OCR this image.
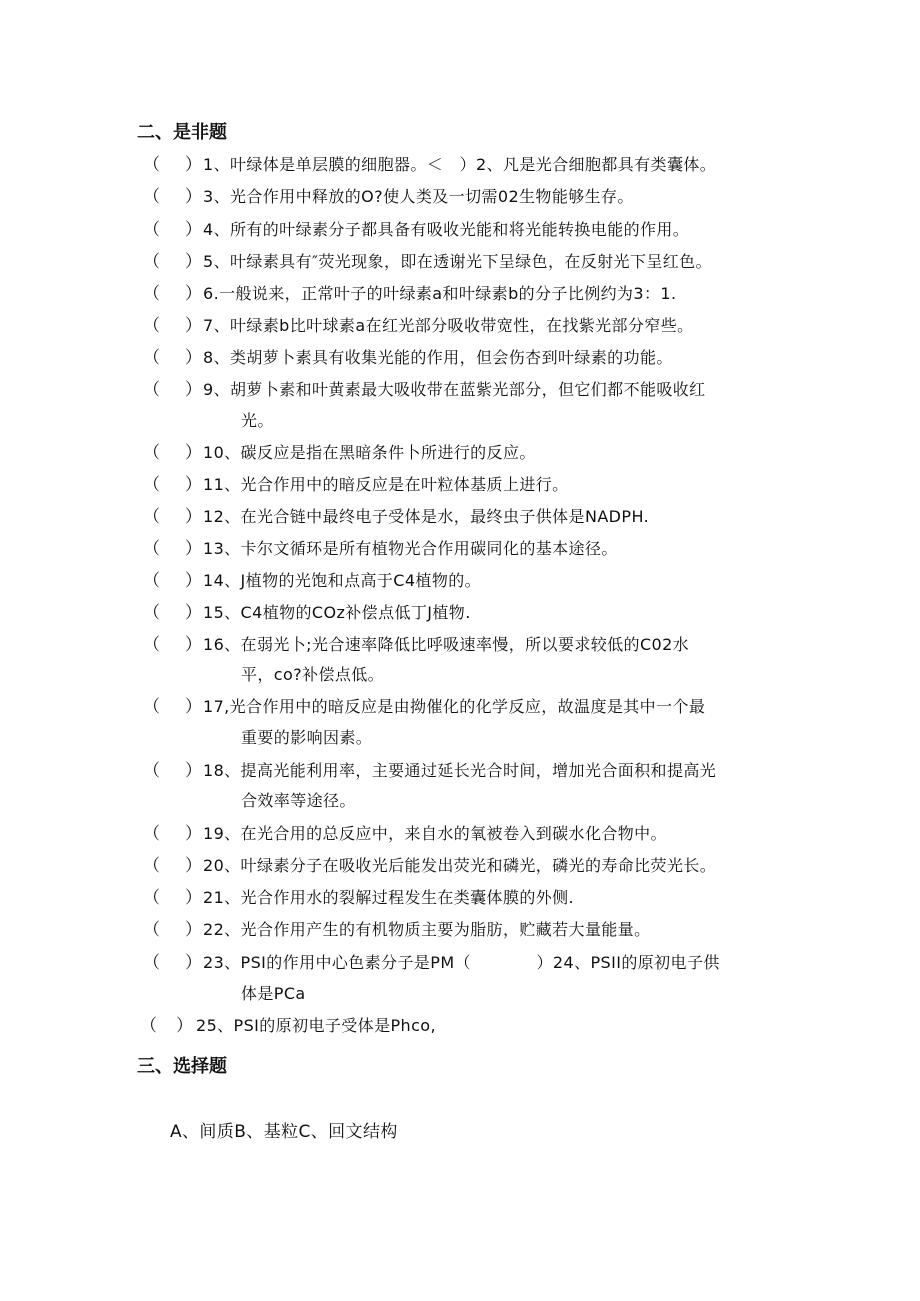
二、是非题
（ ） 1、叶绿体是单层膜的细胞器。＜　）2、凡是光合细胞都具有类囊体。
（ ） 3、光合作用中释放的O?使人类及一切需02生物能够生存。
（ ） 4、所有的叶绿素分子都具备有吸收光能和将光能转换电能的作用。
（ ） 5、叶绿素具有″荧光现象，即在透谢光下呈绿色，在反射光下呈红色。
（ ） 6.一般说来，正常叶子的叶绿素a和叶绿素b的分子比例约为3：1.
（ ） 7、叶绿素b比叶球素a在红光部分吸收带宽性，在找紫光部分窄些。
（ ） 8、类胡萝卜素具有收集光能的作用，但会伤杏到叶绿素的功能。
（ ） 9、胡萝卜素和叶黄素最大吸收带在蓝紫光部分，但它们都不能吸收红
光。
（ ） 10、碳反应是指在黑暗条件卜所进行的反应。
（ ） 11、光合作用中的暗反应是在叶粒体基质上进行。
（ ） 12、在光合链中最终电子受体是水，最终虫子供体是NADPH.
（ ） 13、卡尔文循环是所有植物光合作用碳同化的基本途径。
（ ） 14、J植物的光饱和点高于C4植物的。
（ ） 15、C4植物的COz补偿点低丁J植物.
（ ） 16、在弱光卜;光合速率降低比呼吸速率慢，所以要求较低的C02水
平，co?补偿点低。
（ ） 17,光合作用中的暗反应是由拗催化的化学反应，故温度是其中一个最
重要的影响因素。
（ ） 18、提高光能利用率，主要通过延长光合时间，增加光合面积和提高光
合效率等途径。
（ ） 19、在光合用的总反应中，来自水的氧被卷入到碳水化合物中。
（ ） 20、叶绿素分子在吸收光后能发出荧光和磷光，磷光的寿命比荧光长。
（ ） 21、光合作用水的裂解过程发生在类囊体膜的外侧.
（ ） 22、光合作用产生的有机物质主要为脂肪，贮藏若大量能量。
（ ） 23、PSI的作用中心色素分子是PM（　　　　）24、PSII的原初电子供
体是PCa
（ ） 25、PSI的原初电子受体是Phco,
三、选择题
A、间质B、基粒C、回文结构
